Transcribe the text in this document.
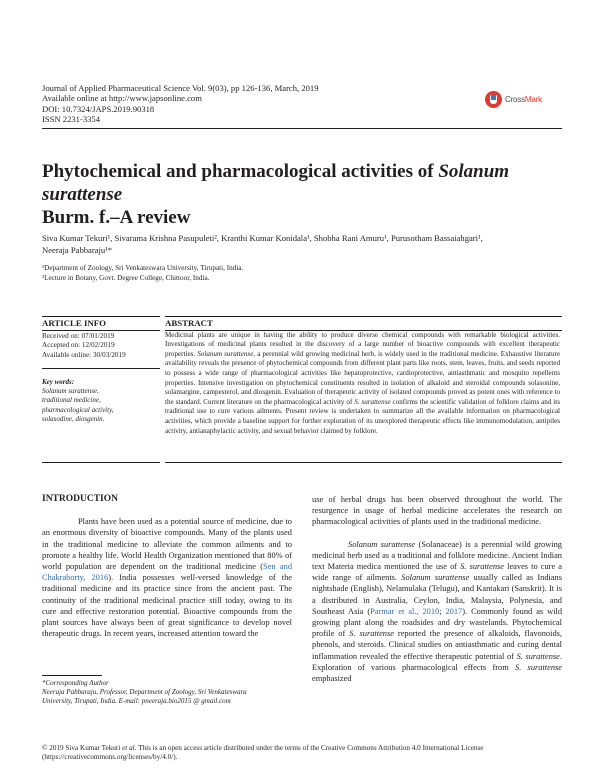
Journal of Applied Pharmaceutical Science Vol. 9(03), pp 126-136, March, 2019
Available online at http://www.japsonline.com
DOI: 10.7324/JAPS.2019.90318
ISSN 2231-3354
CrossMark
Phytochemical and pharmacological activities of Solanum surattense
Burm. f.–A review
Siva Kumar Tekuri¹, Sivarama Krishna Pasupuleti², Kranthi Kumar Konidala¹, Shobha Rani Amuru¹, Purusotham Bassaiahgari¹,
Neeraja Pabbaraju¹*
¹Department of Zoology, Sri Venkateswara University, Tirupati, India.
²Lecture in Botany, Govt. Degree College, Chittoor, India.
ARTICLE INFO
Received on: 07/01/2019
Accepted on: 12/02/2019
Available online: 30/03/2019
Key words:
Solanum surattense,
traditional medicine,
pharmacological activity,
solasodine, diosgenin.
ABSTRACT

Medicinal plants are unique in having the ability to produce diverse chemical compounds with remarkable biological activities. Investigations of medicinal plants resulted in the discovery of a large number of bioactive compounds with excellent therapeutic properties. Solanum surattense, a perennial wild growing medicinal herb, is widely used in the traditional medicine. Exhaustive literature availability reveals the presence of phytochemical compounds from different plant parts like roots, stem, leaves, fruits, and seeds reported to possess a wide range of pharmacological activities like hepatoprotective, cardioprotective, antiasthmatic and mosquito repellents properties. Intensive investigation on phytochemical constituents resulted in isolation of alkaloid and steroidal compounds solasonine, solamargine, campesterol, and diosgenin. Evaluation of therapeutic activity of isolated compounds proved as potent ones with reference to the standard. Current literature on the pharmacological activity of S. surattense confirms the scientific validation of folklore claims and its traditional use to cure various ailments. Present review is undertaken to summarize all the available information on pharmacological activities, which provide a baseline support for further exploration of its unexplored therapeutic effects like immunomodulation, antipiles activity, antianaphylactic activity, and sexual behavior claimed by folklore.

INTRODUCTION

Plants have been used as a potential source of medicine, due to an enormous diversity of bioactive compounds. Many of the plants used in the traditional medicine to alleviate the common ailments and to promote a healthy life. World Health Organization mentioned that 80% of world population are dependent on the traditional medicine (Sen and Chakraborty, 2016). India possesses well-versed knowledge of the traditional medicine and its practice since from the ancient past. The continuity of the traditional medicinal practice still today, owing to its cure and effective restoration potential. Bioactive compounds from the plant sources have always been of great significance to develop novel therapeutic drugs. In recent years, increased attention toward the

use of herbal drugs has been observed throughout the world. The resurgence in usage of herbal medicine accelerates the research on pharmacological activities of plants used in the traditional medicine.

Solanum surattense (Solanaceae) is a perennial wild growing medicinal herb used as a traditional and folklore medicine. Ancient Indian text Materia medica mentioned the use of S. surattense leaves to cure a wide range of ailments. Solanum surattense usually called as Indians nightshade (English), Nelamulaka (Telugu), and Kantakari (Sanskrit). It is a distributed in Australia, Ceylon, India, Malaysia, Polynesia, and Southeast Asia (Parmar et al., 2010; 2017). Commonly found as wild growing plant along the roadsides and dry wastelands. Phytochemical profile of S. surattense reported the presence of alkaloids, flavonoids, phenols, and steroids. Clinical studies on antiasthmatic and curing dental inflammation revealed the effective therapeutic potential of S. surattense. Exploration of various pharmacological effects from S. surattense emphasized

*Corresponding Author
Neeraja Pabbaraju, Professor, Department of Zoology, Sri Venkateswara
University, Tirupati, India. E-mail: pneeraja.bio2015 @ gmail.com
© 2019 Siva Kumar Tekuri et al. This is an open access article distributed under the terms of the Creative Commons Attribution 4.0 International License
(https://creativecommons.org/licenses/by/4.0/).
